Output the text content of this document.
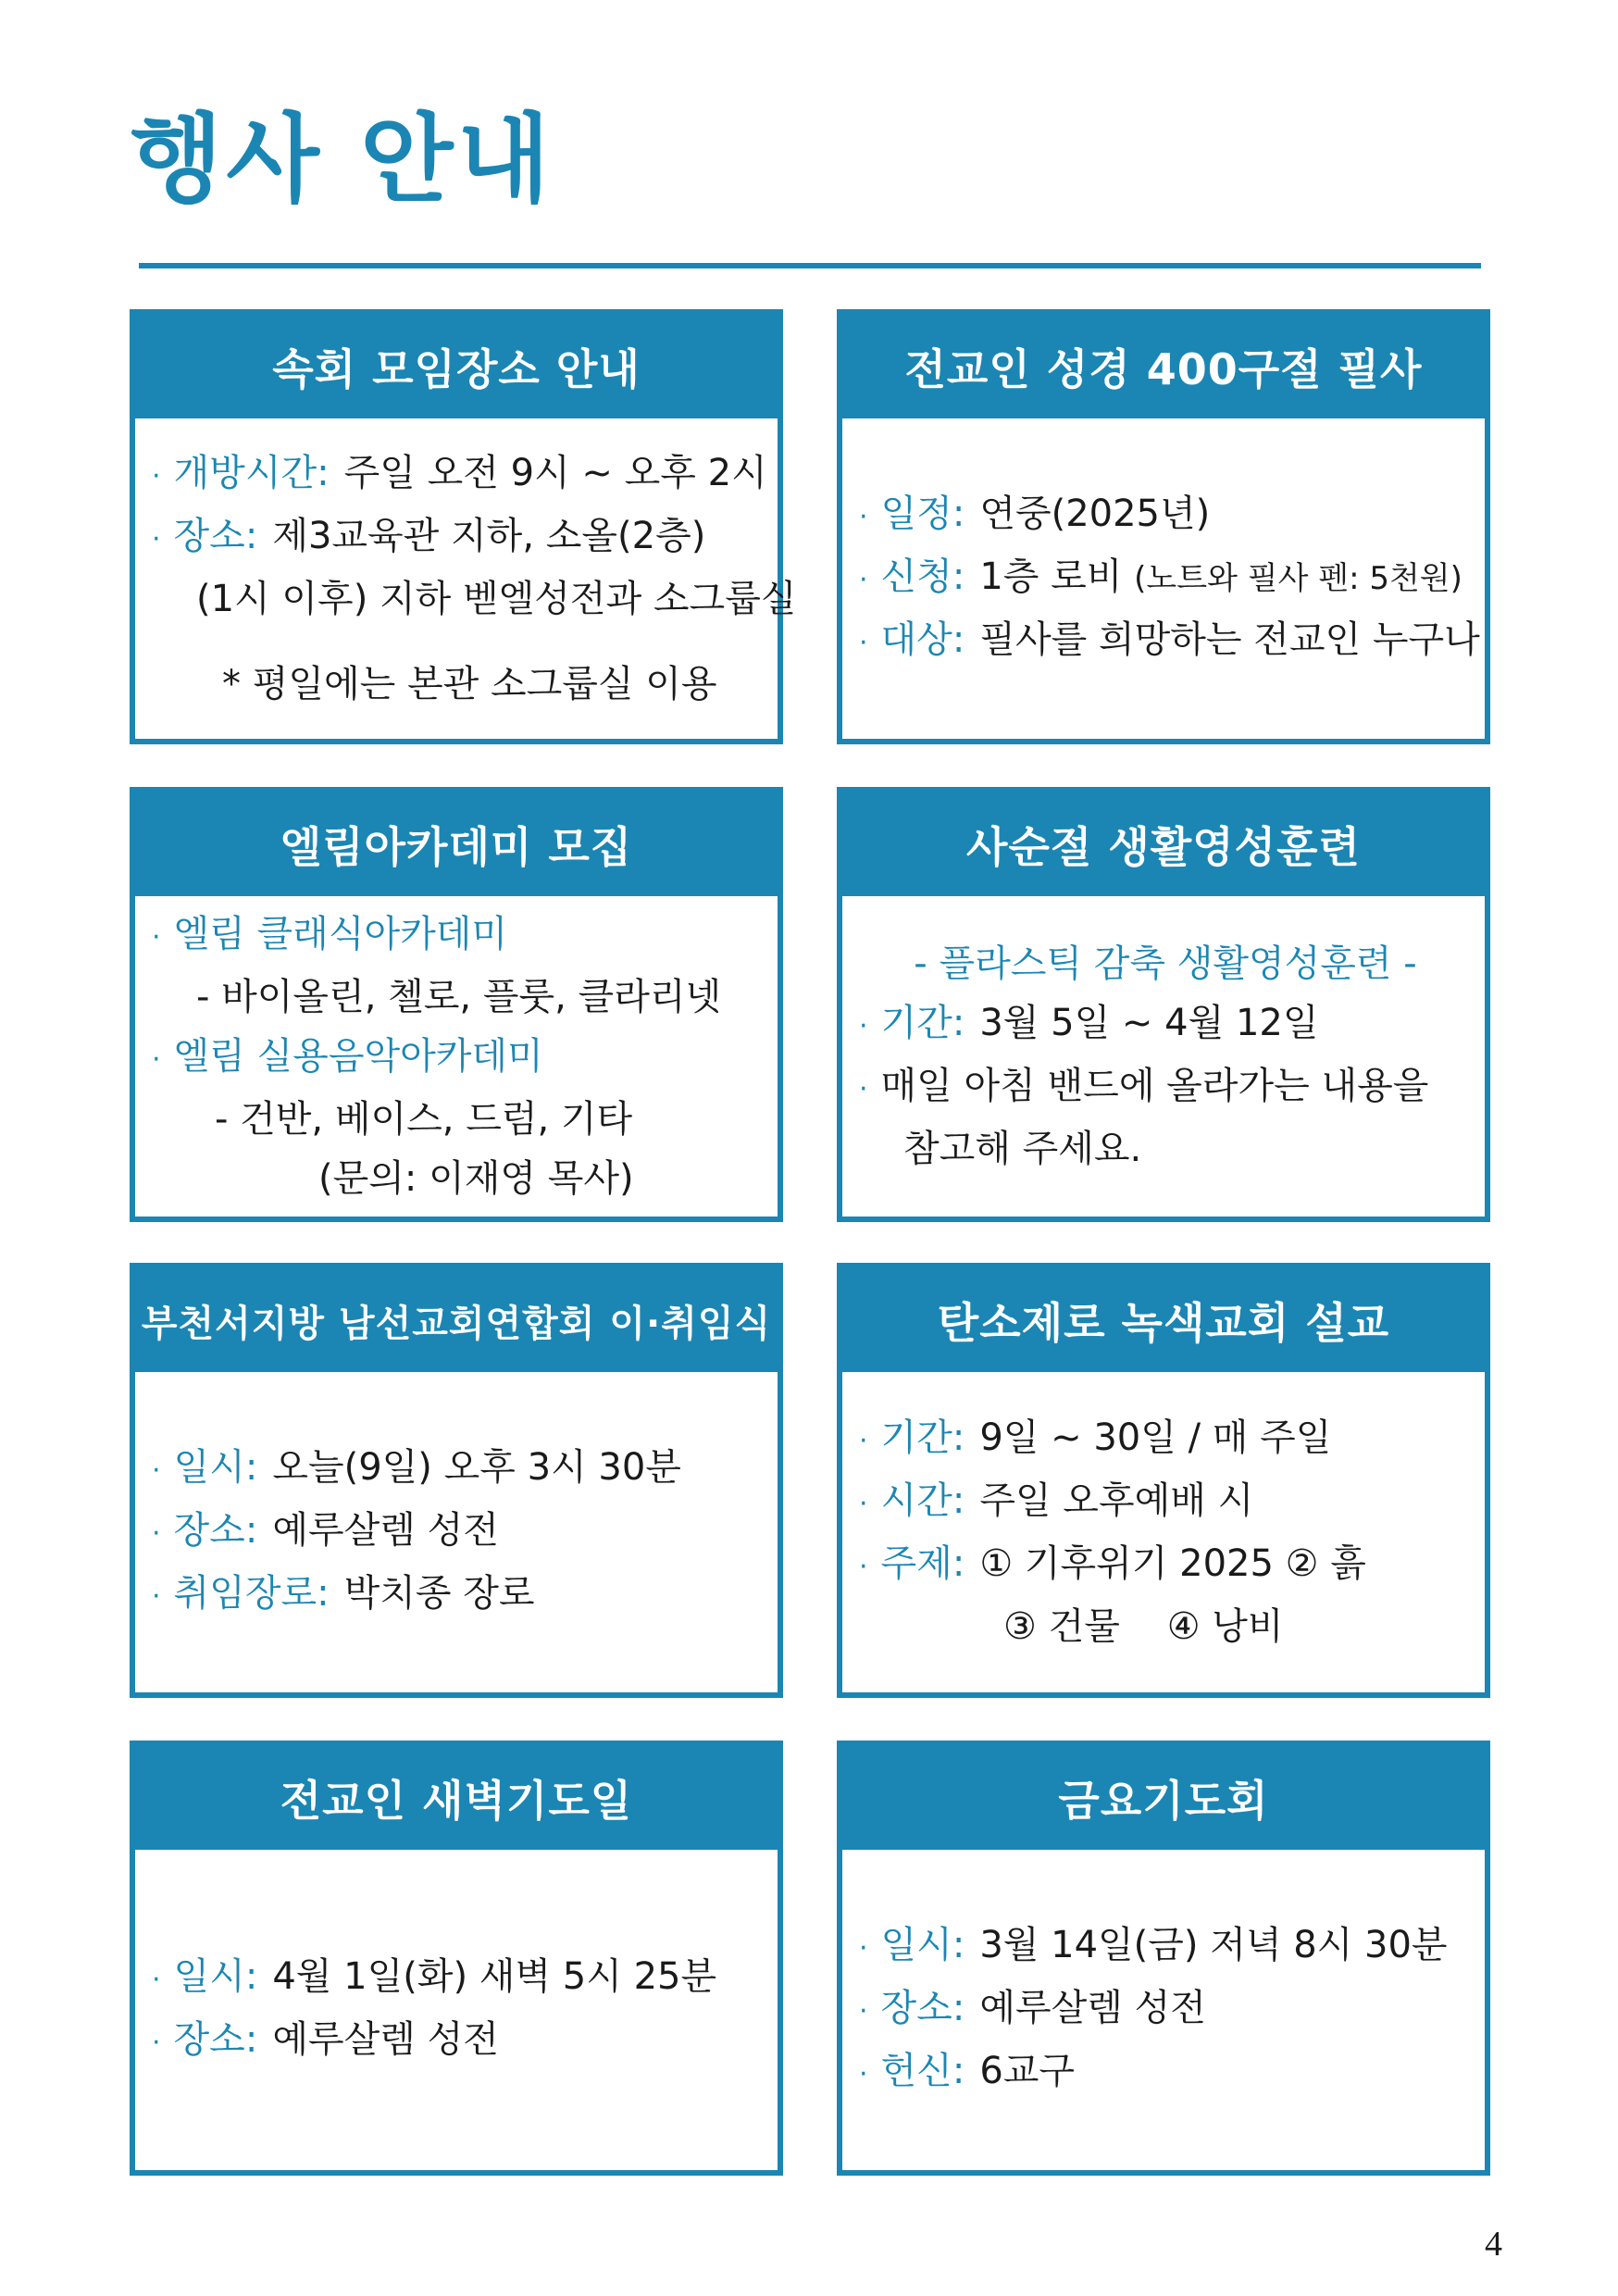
행사 안내
속회 모임장소 안내
· 개방시간: 주일 오전 9시 ~ 오후 2시
· 장소: 제3교육관 지하, 소올(2층)
(1시 이후) 지하 벧엘성전과 소그룹실
* 평일에는 본관 소그룹실 이용
전교인 성경 400구절 필사
· 일정: 연중(2025년)
· 신청: 1층 로비 (노트와 필사 펜: 5천원)
· 대상: 필사를 희망하는 전교인 누구나
엘림아카데미 모집
· 엘림 클래식아카데미
- 바이올린, 첼로, 플룻, 클라리넷
· 엘림 실용음악아카데미
- 건반, 베이스, 드럼, 기타
(문의: 이재영 목사)
사순절 생활영성훈련
- 플라스틱 감축 생활영성훈련 -
· 기간: 3월 5일 ~ 4월 12일
· 매일 아침 밴드에 올라가는 내용을
참고해 주세요.
부천서지방 남선교회연합회 이·취임식
· 일시: 오늘(9일) 오후 3시 30분
· 장소: 예루살렘 성전
· 취임장로: 박치종 장로
탄소제로 녹색교회 설교
· 기간: 9일 ~ 30일 / 매 주일
· 시간: 주일 오후예배 시
· 주제: ① 기후위기 2025 ② 흙
③ 건물    ④ 낭비
전교인 새벽기도일
· 일시: 4월 1일(화) 새벽 5시 25분
· 장소: 예루살렘 성전
금요기도회
· 일시: 3월 14일(금) 저녁 8시 30분
· 장소: 예루살렘 성전
· 헌신: 6교구
4
